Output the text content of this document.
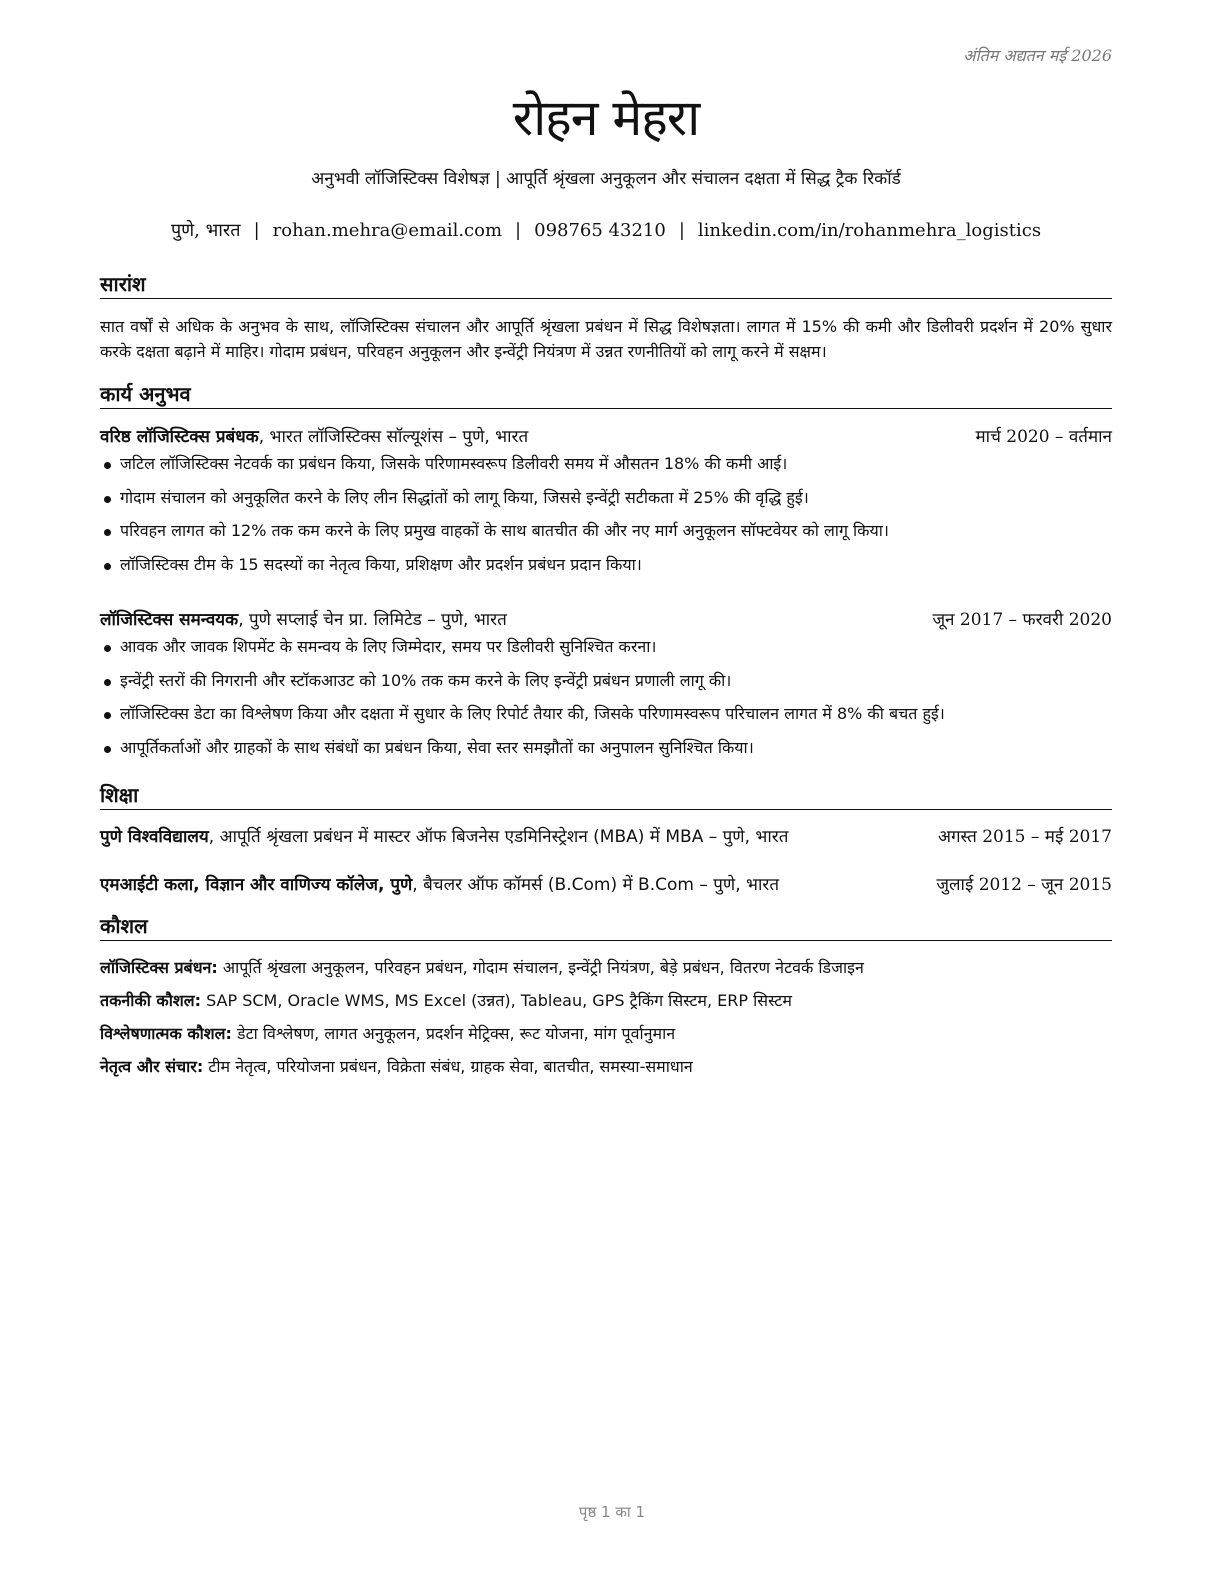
अंतिम अद्यतन मई 2026
रोहन मेहरा
अनुभवी लॉजिस्टिक्स विशेषज्ञ | आपूर्ति श्रृंखला अनुकूलन और संचालन दक्षता में सिद्ध ट्रैक रिकॉर्ड
पुणे, भारत | rohan.mehra@email.com | 098765 43210 | linkedin.com/in/rohanmehra_logistics
सारांश
सात वर्षों से अधिक के अनुभव के साथ, लॉजिस्टिक्स संचालन और आपूर्ति श्रृंखला प्रबंधन में सिद्ध विशेषज्ञता। लागत में 15% की कमी और डिलीवरी प्रदर्शन में 20% सुधार करके दक्षता बढ़ाने में माहिर। गोदाम प्रबंधन, परिवहन अनुकूलन और इन्वेंट्री नियंत्रण में उन्नत रणनीतियों को लागू करने में सक्षम।
कार्य अनुभव
वरिष्ठ लॉजिस्टिक्स प्रबंधक, भारत लॉजिस्टिक्स सॉल्यूशंस – पुणे, भारत	मार्च 2020 – वर्तमान
जटिल लॉजिस्टिक्स नेटवर्क का प्रबंधन किया, जिसके परिणामस्वरूप डिलीवरी समय में औसतन 18% की कमी आई।
गोदाम संचालन को अनुकूलित करने के लिए लीन सिद्धांतों को लागू किया, जिससे इन्वेंट्री सटीकता में 25% की वृद्धि हुई।
परिवहन लागत को 12% तक कम करने के लिए प्रमुख वाहकों के साथ बातचीत की और नए मार्ग अनुकूलन सॉफ्टवेयर को लागू किया।
लॉजिस्टिक्स टीम के 15 सदस्यों का नेतृत्व किया, प्रशिक्षण और प्रदर्शन प्रबंधन प्रदान किया।
लॉजिस्टिक्स समन्वयक, पुणे सप्लाई चेन प्रा. लिमिटेड – पुणे, भारत	जून 2017 – फरवरी 2020
आवक और जावक शिपमेंट के समन्वय के लिए जिम्मेदार, समय पर डिलीवरी सुनिश्चित करना।
इन्वेंट्री स्तरों की निगरानी और स्टॉकआउट को 10% तक कम करने के लिए इन्वेंट्री प्रबंधन प्रणाली लागू की।
लॉजिस्टिक्स डेटा का विश्लेषण किया और दक्षता में सुधार के लिए रिपोर्ट तैयार की, जिसके परिणामस्वरूप परिचालन लागत में 8% की बचत हुई।
आपूर्तिकर्ताओं और ग्राहकों के साथ संबंधों का प्रबंधन किया, सेवा स्तर समझौतों का अनुपालन सुनिश्चित किया।
शिक्षा
पुणे विश्वविद्यालय, आपूर्ति श्रृंखला प्रबंधन में मास्टर ऑफ बिजनेस एडमिनिस्ट्रेशन (MBA) में MBA – पुणे, भारत	अगस्त 2015 – मई 2017
एमआईटी कला, विज्ञान और वाणिज्य कॉलेज, पुणे, बैचलर ऑफ कॉमर्स (B.Com) में B.Com – पुणे, भारत	जुलाई 2012 – जून 2015
कौशल
लॉजिस्टिक्स प्रबंधन: आपूर्ति श्रृंखला अनुकूलन, परिवहन प्रबंधन, गोदाम संचालन, इन्वेंट्री नियंत्रण, बेड़े प्रबंधन, वितरण नेटवर्क डिजाइन
तकनीकी कौशल: SAP SCM, Oracle WMS, MS Excel (उन्नत), Tableau, GPS ट्रैकिंग सिस्टम, ERP सिस्टम
विश्लेषणात्मक कौशल: डेटा विश्लेषण, लागत अनुकूलन, प्रदर्शन मेट्रिक्स, रूट योजना, मांग पूर्वानुमान
नेतृत्व और संचार: टीम नेतृत्व, परियोजना प्रबंधन, विक्रेता संबंध, ग्राहक सेवा, बातचीत, समस्या-समाधान
पृष्ठ 1 का 1
